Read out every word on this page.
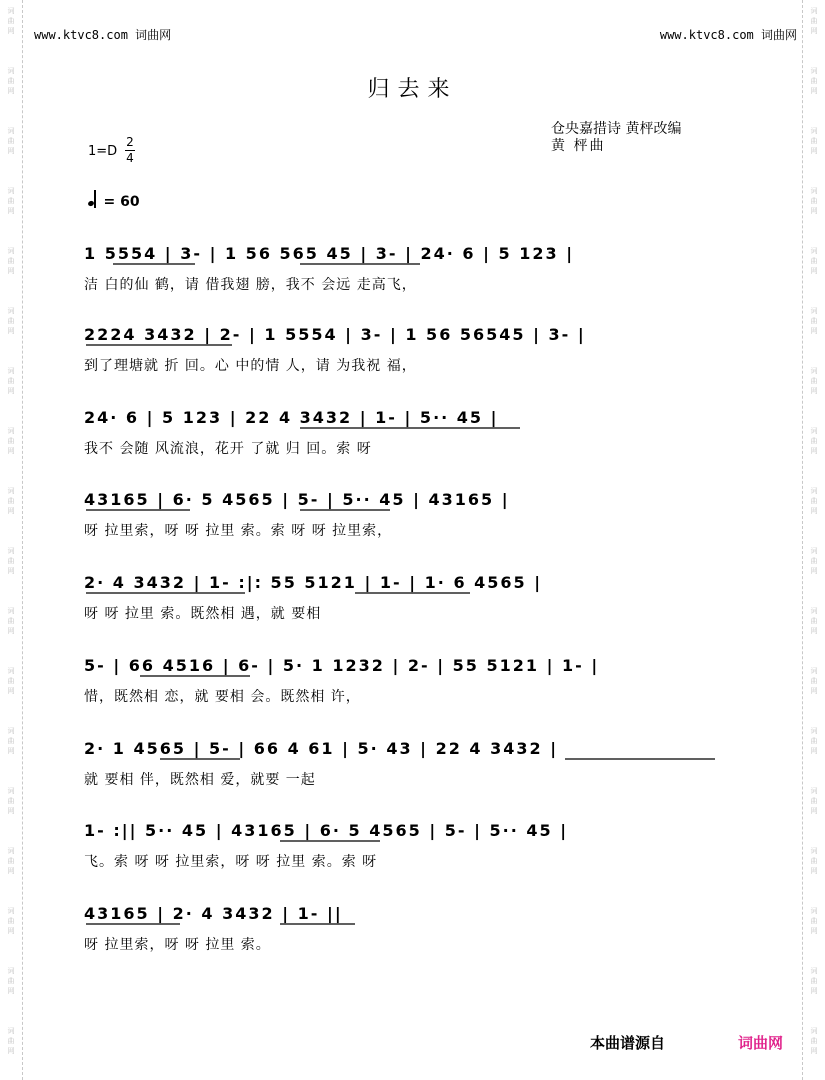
词
曲
网
词
曲
网
词
曲
网
词
曲
网
词
曲
网
词
曲
网
词
曲
网
词
曲
网
词
曲
网
词
曲
网
词
曲
网
词
曲
网
词
曲
网
词
曲
网
词
曲
网
词
曲
网
词
曲
网
词
曲
网
词
曲
网
词
曲
网
词
曲
网
词
曲
网
词
曲
网
词
曲
网
词
曲
网
词
曲
网
词
曲
网
词
曲
网
词
曲
网
词
曲
网
词
曲
网
词
曲
网
词
曲
网
词
曲
网
词
曲
网
词
曲
网
www.ktvc8.com 词曲网	www.ktvc8.com 词曲网
归去来
仓央嘉措诗 黄枰改编
黄 枰曲
1=D
2
4
= 60
1 5554 | 3- | 1 56 565 45 | 3- | 24· 6 | 5 123 |
洁 白的仙 鹤，请 借我翅 膀，我不 会远 走高飞，
2224 3432 | 2- | 1 5554 | 3- | 1 56 56545 | 3- |
到了理塘就 折 回。心 中的情 人，请 为我祝 福，
24· 6 | 5 123 | 22 4 3432 | 1- | 5·· 45 |
我不 会随 风流浪，花开 了就 归 回。索 呀
43165 | 6· 5 4565 | 5- | 5·· 45 | 43165 |
呀 拉里索，呀 呀 拉里 索。索 呀 呀 拉里索，
2· 4 3432 | 1- :|: 55 5121 | 1- | 1· 6 4565 |
呀 呀 拉里 索。既然相 遇，就 要相
5- | 66 4516 | 6- | 5· 1 1232 | 2- | 55 5121 | 1- |
惜，既然相 恋，就 要相 会。既然相 许，
2· 1 4565 | 5- | 66 4 61 | 5· 43 | 22 4 3432 |
就 要相 伴，既然相 爱，就要 一起
1- :|| 5·· 45 | 43165 | 6· 5 4565 | 5- | 5·· 45 |
飞。索 呀 呀 拉里索，呀 呀 拉里 索。索 呀
43165 | 2· 4 3432 | 1- ||
呀 拉里索，呀 呀 拉里 索。
本曲谱源自	词曲网
